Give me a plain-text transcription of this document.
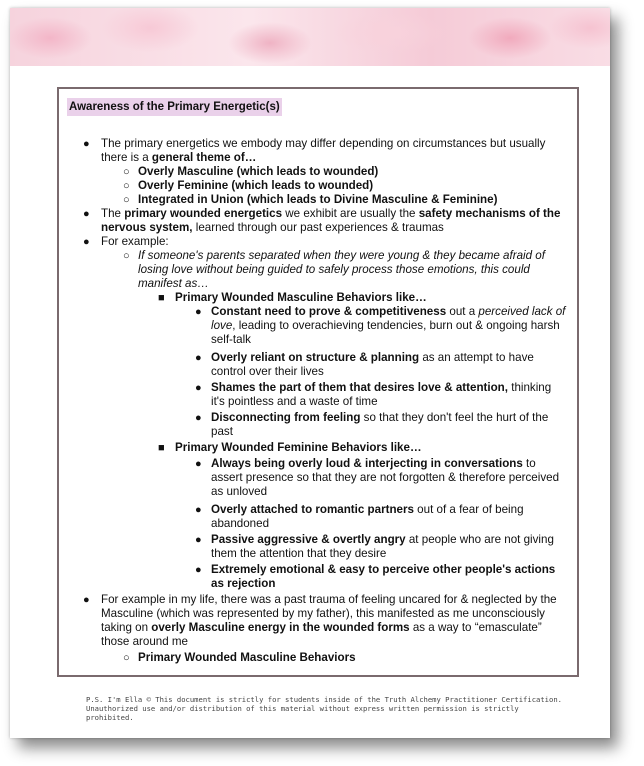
Awareness of the Primary Energetic(s)
● The primary energetics we embody may differ depending on circumstances but usually
there is a general theme of…
○ Overly Masculine (which leads to wounded)
○ Overly Feminine (which leads to wounded)
○ Integrated in Union (which leads to Divine Masculine & Feminine)
● The primary wounded energetics we exhibit are usually the safety mechanisms of the
nervous system, learned through our past experiences & traumas
● For example:
○ If someone's parents separated when they were young & they became afraid of
losing love without being guided to safely process those emotions, this could
manifest as…
■ Primary Wounded Masculine Behaviors like…
● Constant need to prove & competitiveness out a perceived lack of
love, leading to overachieving tendencies, burn out & ongoing harsh
self-talk
● Overly reliant on structure & planning as an attempt to have
control over their lives
● Shames the part of them that desires love & attention, thinking
it's pointless and a waste of time
● Disconnecting from feeling so that they don't feel the hurt of the
past
■ Primary Wounded Feminine Behaviors like…
● Always being overly loud & interjecting in conversations to
assert presence so that they are not forgotten & therefore perceived
as unloved
● Overly attached to romantic partners out of a fear of being
abandoned
● Passive aggressive & overtly angry at people who are not giving
them the attention that they desire
● Extremely emotional & easy to perceive other people's actions
as rejection
● For example in my life, there was a past trauma of feeling uncared for & neglected by the
Masculine (which was represented by my father), this manifested as me unconsciously
taking on overly Masculine energy in the wounded forms as a way to “emasculate”
those around me
○ Primary Wounded Masculine Behaviors
P.S. I'm Ella © This document is strictly for students inside of the Truth Alchemy Practitioner Certification.
Unauthorized use and/or distribution of this material without express written permission is strictly
prohibited.
